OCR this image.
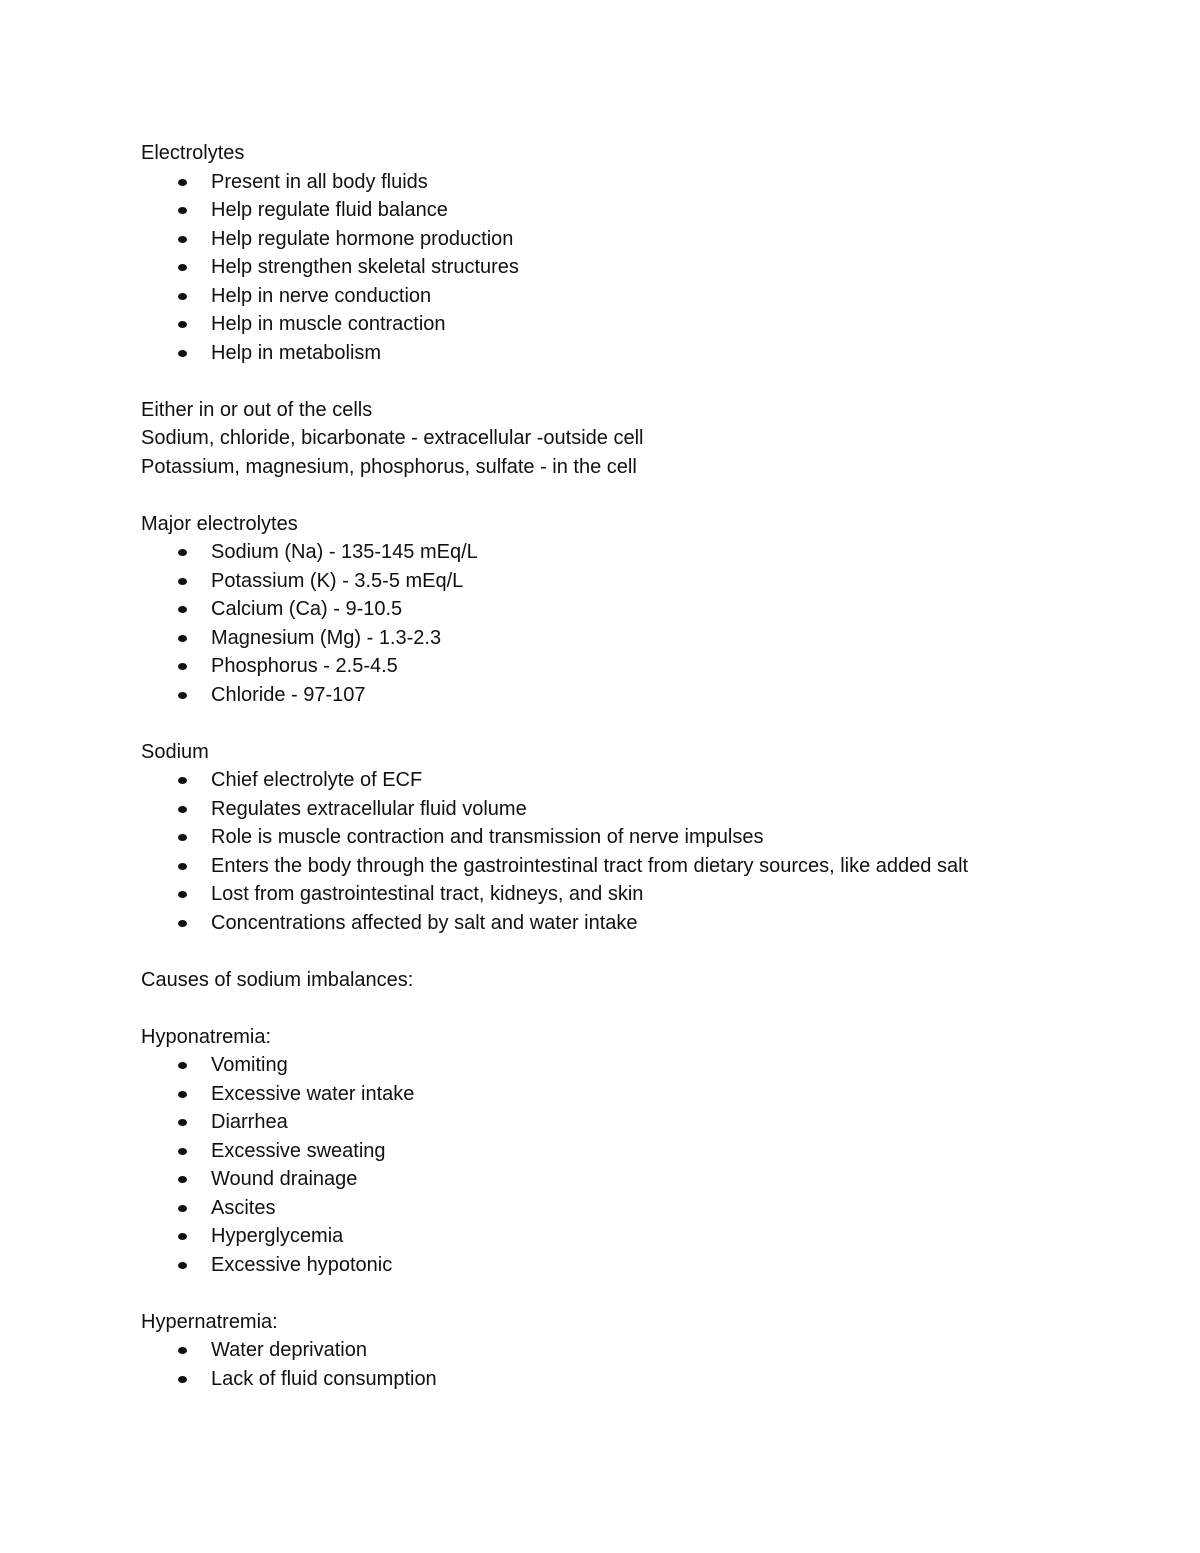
Electrolytes

Present in all body fluids
Help regulate fluid balance
Help regulate hormone production
Help strengthen skeletal structures
Help in nerve conduction
Help in muscle contraction
Help in metabolism

Either in or out of the cells

Sodium, chloride, bicarbonate - extracellular -outside cell

Potassium, magnesium, phosphorus, sulfate - in the cell

Major electrolytes

Sodium (Na) - 135-145 mEq/L
Potassium (K) - 3.5-5 mEq/L
Calcium (Ca) - 9-10.5
Magnesium (Mg) - 1.3-2.3
Phosphorus - 2.5-4.5
Chloride - 97-107

Sodium

Chief electrolyte of ECF
Regulates extracellular fluid volume
Role is muscle contraction and transmission of nerve impulses
Enters the body through the gastrointestinal tract from dietary sources, like added salt
Lost from gastrointestinal tract, kidneys, and skin
Concentrations affected by salt and water intake

Causes of sodium imbalances:

Hyponatremia:

Vomiting
Excessive water intake
Diarrhea
Excessive sweating
Wound drainage
Ascites
Hyperglycemia
Excessive hypotonic

Hypernatremia:

Water deprivation
Lack of fluid consumption
